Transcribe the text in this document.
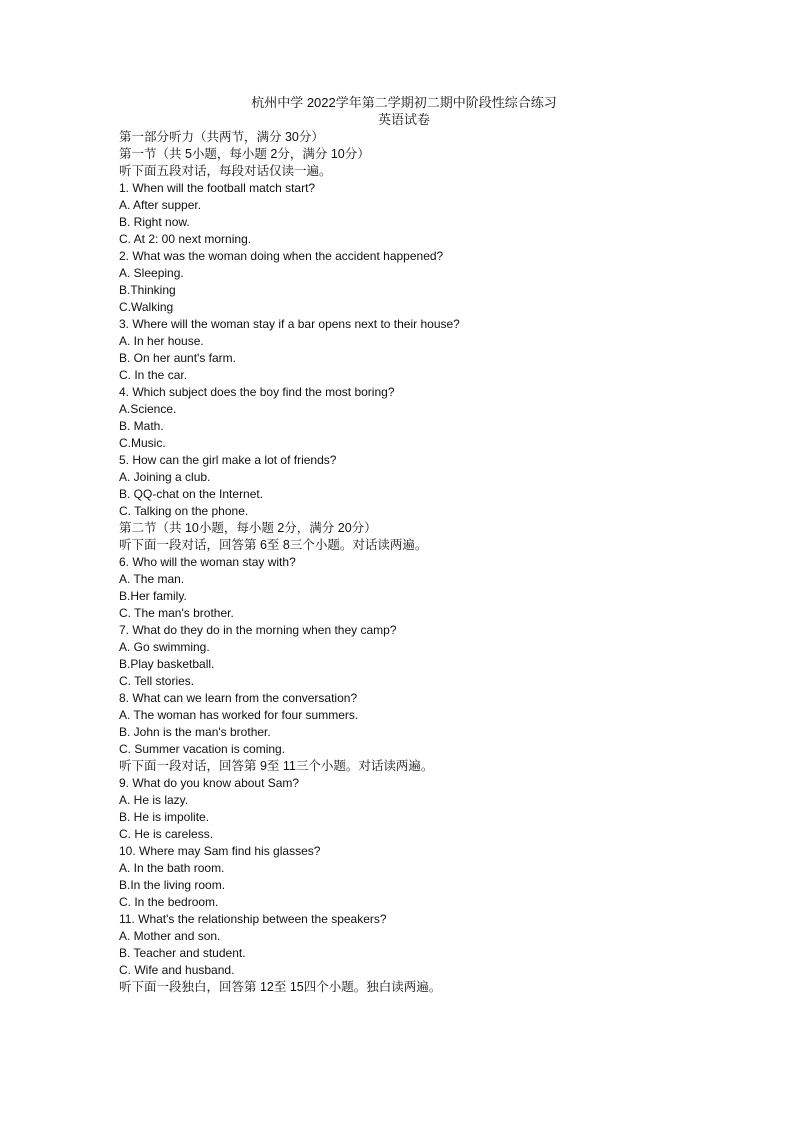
杭州中学 2022学年第二学期初二期中阶段性综合练习
英语试卷
第一部分听力（共两节，满分 30分）
第一节（共 5小题，每小题 2分，满分 10分）
听下面五段对话，每段对话仅读一遍。
1. When will the football match start?
A. After supper.
B. Right now.
C. At 2: 00 next morning.
2. What was the woman doing when the accident happened?
A. Sleeping.
B.Thinking
C.Walking
3. Where will the woman stay if a bar opens next to their house?
A. In her house.
B. On her aunt's farm.
C. In the car.
4. Which subject does the boy find the most boring?
A.Science.
B. Math.
C.Music.
5. How can the girl make a lot of friends?
A. Joining a club.
B. QQ-chat on the Internet.
C. Talking on the phone.
第二节（共 10小题，每小题 2分，满分 20分）
听下面一段对话，回答第 6至 8三个小题。对话读两遍。
6. Who will the woman stay with?
A. The man.
B.Her family.
C. The man's brother.
7. What do they do in the morning when they camp?
A. Go swimming.
B.Play basketball.
C. Tell stories.
8. What can we learn from the conversation?
A. The woman has worked for four summers.
B. John is the man's brother.
C. Summer vacation is coming.
听下面一段对话，回答第 9至 11三个小题。对话读两遍。
9. What do you know about Sam?
A. He is lazy.
B. He is impolite.
C. He is careless.
10. Where may Sam find his glasses?
A. In the bath room.
B.In the living room.
C. In the bedroom.
11. What's the relationship between the speakers?
A. Mother and son.
B. Teacher and student.
C. Wife and husband.
听下面一段独白，回答第 12至 15四个小题。独白读两遍。
